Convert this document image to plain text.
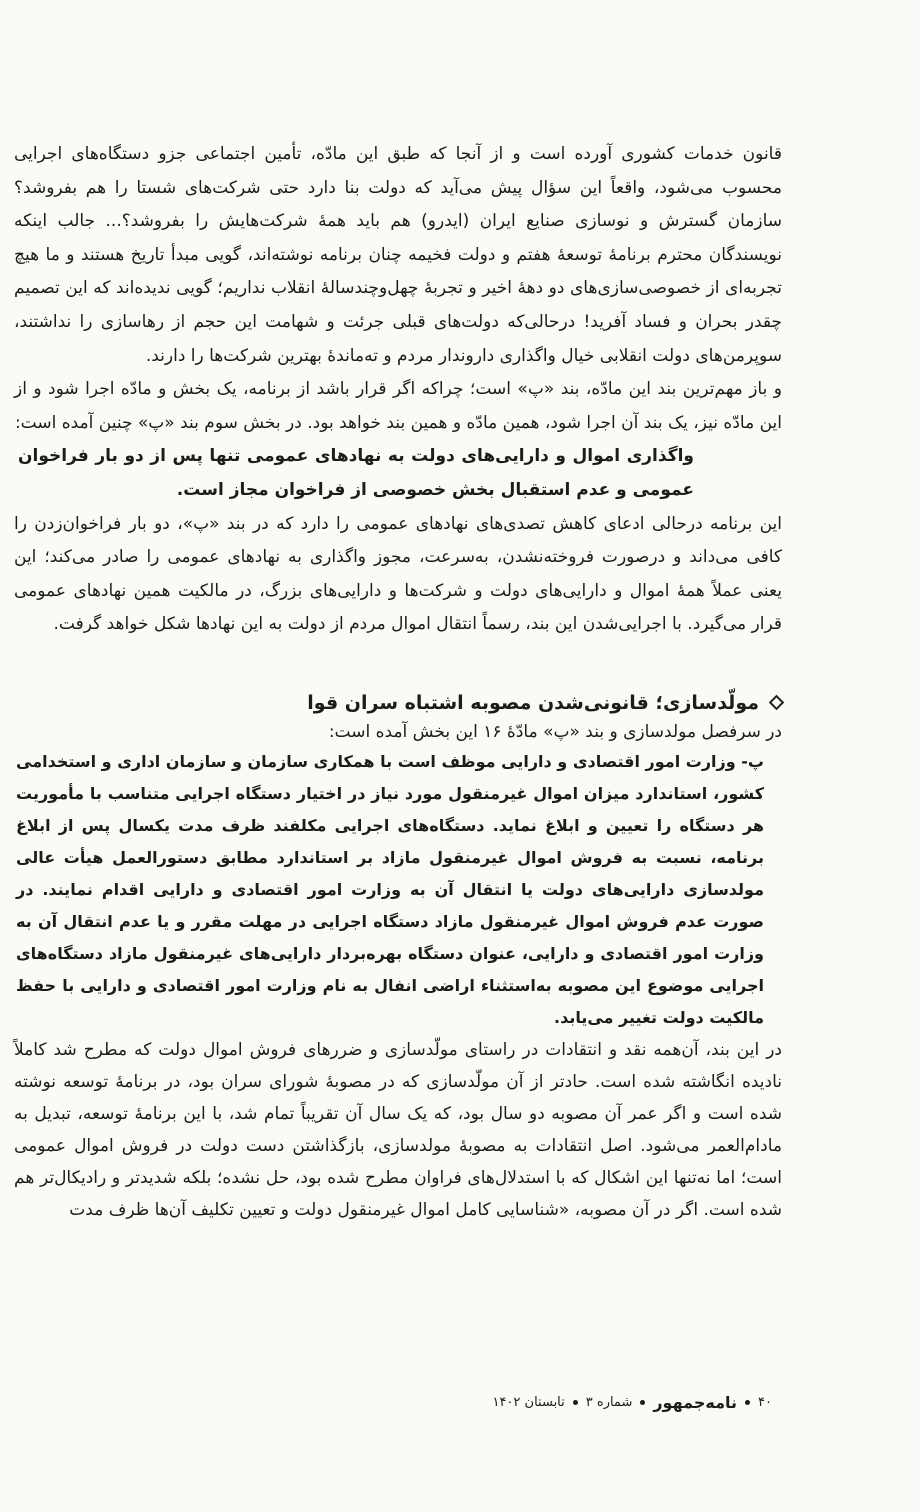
قانون خدمات کشوری آورده است و از آنجا که طبق این مادّه، تأمین اجتماعی جزو دستگاه‌های اجرایی محسوب می‌شود، واقعاً این سؤال پیش می‌آید که دولت بنا دارد حتی شرکت‌های شستا را هم بفروشد؟ سازمان گسترش و نوسازی صنایع ایران (ایدرو) هم باید همهٔ شرکت‌هایش را بفروشد؟... جالب اینکه نویسندگان محترم برنامهٔ توسعهٔ هفتم و دولت فخیمه چنان برنامه نوشته‌اند، گویی مبدأ تاریخ هستند و ما هیچ تجربه‌ای از خصوصی‌سازی‌های دو دههٔ اخیر و تجربهٔ چهل‌وچندسالهٔ انقلاب نداریم؛ گویی ندیده‌اند که این تصمیم چقدر بحران و فساد آفرید! درحالی‌که دولت‌های قبلی جرئت و شهامت این حجم از رهاسازی را نداشتند، سوپرمن‌های دولت انقلابی خیال واگذاری داروندار مردم و ته‌ماندهٔ بهترین شرکت‌ها را دارند.

و باز مهم‌ترین بند این مادّه، بند «پ» است؛ چراکه اگر قرار باشد از برنامه، یک بخش و مادّه اجرا شود و از این مادّه نیز، یک بند آن اجرا شود، همین مادّه و همین بند خواهد بود. در بخش سوم بند «پ» چنین آمده است:

واگذاری اموال و دارایی‌های دولت به نهادهای عمومی تنها پس از دو بار فراخوان عمومی و عدم استقبال بخش خصوصی از فراخوان مجاز است.

این برنامه درحالی ادعای کاهش تصدی‌های نهادهای عمومی را دارد که در بند «پ»، دو بار فراخوان‌زدن را کافی می‌داند و درصورت فروخته‌نشدن، به‌سرعت، مجوز واگذاری به نهادهای عمومی را صادر می‌کند؛ این یعنی عملاً همهٔ اموال و دارایی‌های دولت و شرکت‌ها و دارایی‌های بزرگ، در مالکیت همین نهادهای عمومی قرار می‌گیرد. با اجرایی‌شدن این بند، رسماً انتقال اموال مردم از دولت به این نهادها شکل خواهد گرفت.

مولّدسازی؛ قانونی‌شدن مصوبه اشتباه سران قوا

در سرفصل مولدسازی و بند «پ» مادّهٔ ۱۶ این بخش آمده است:

پ- وزارت امور اقتصادی و دارایی موظف است با همکاری سازمان و سازمان اداری و استخدامی کشور، استاندارد میزان اموال غیرمنقول مورد نیاز در اختیار دستگاه اجرایی متناسب با مأموریت هر دستگاه را تعیین و ابلاغ نماید. دستگاه‌های اجرایی مکلفند ظرف مدت یکسال پس از ابلاغ برنامه، نسبت به فروش اموال غیرمنقول مازاد بر استاندارد مطابق دستورالعمل هیأت عالی مولدسازی دارایی‌های دولت یا انتقال آن به وزارت امور اقتصادی و دارایی اقدام نمایند. در صورت عدم فروش اموال غیرمنقول مازاد دستگاه اجرایی در مهلت مقرر و یا عدم انتقال آن به وزارت امور اقتصادی و دارایی، عنوان دستگاه بهره‌بردار دارایی‌های غیرمنقول مازاد دستگاه‌های اجرایی موضوع این مصوبه به‌استثناء اراضی انفال به نام وزارت امور اقتصادی و دارایی با حفظ مالکیت دولت تغییر می‌یابد.

در این بند، آن‌همه نقد و انتقادات در راستای مولّدسازی و ضررهای فروش اموال دولت که مطرح شد کاملاً نادیده انگاشته شده است. حادتر از آن مولّدسازی که در مصوبهٔ شورای سران بود، در برنامهٔ توسعه نوشته شده است و اگر عمر آن مصوبه دو سال بود، که یک سال آن تقریباً تمام شد، با این برنامهٔ توسعه، تبدیل به مادام‌العمر می‌شود. اصل انتقادات به مصوبهٔ مولدسازی، بازگذاشتن دست دولت در فروش اموال عمومی است؛ اما نه‌تنها این اشکال که با استدلال‌های فراوان مطرح شده بود، حل نشده؛ بلکه شدیدتر و رادیکال‌تر هم شده است. اگر در آن مصوبه، «شناسایی کامل اموال غیرمنقول دولت و تعیین تکلیف آن‌ها ظرف مدت

۴۰
نامه‌جمهور
شماره ۳
تابستان ۱۴۰۲
